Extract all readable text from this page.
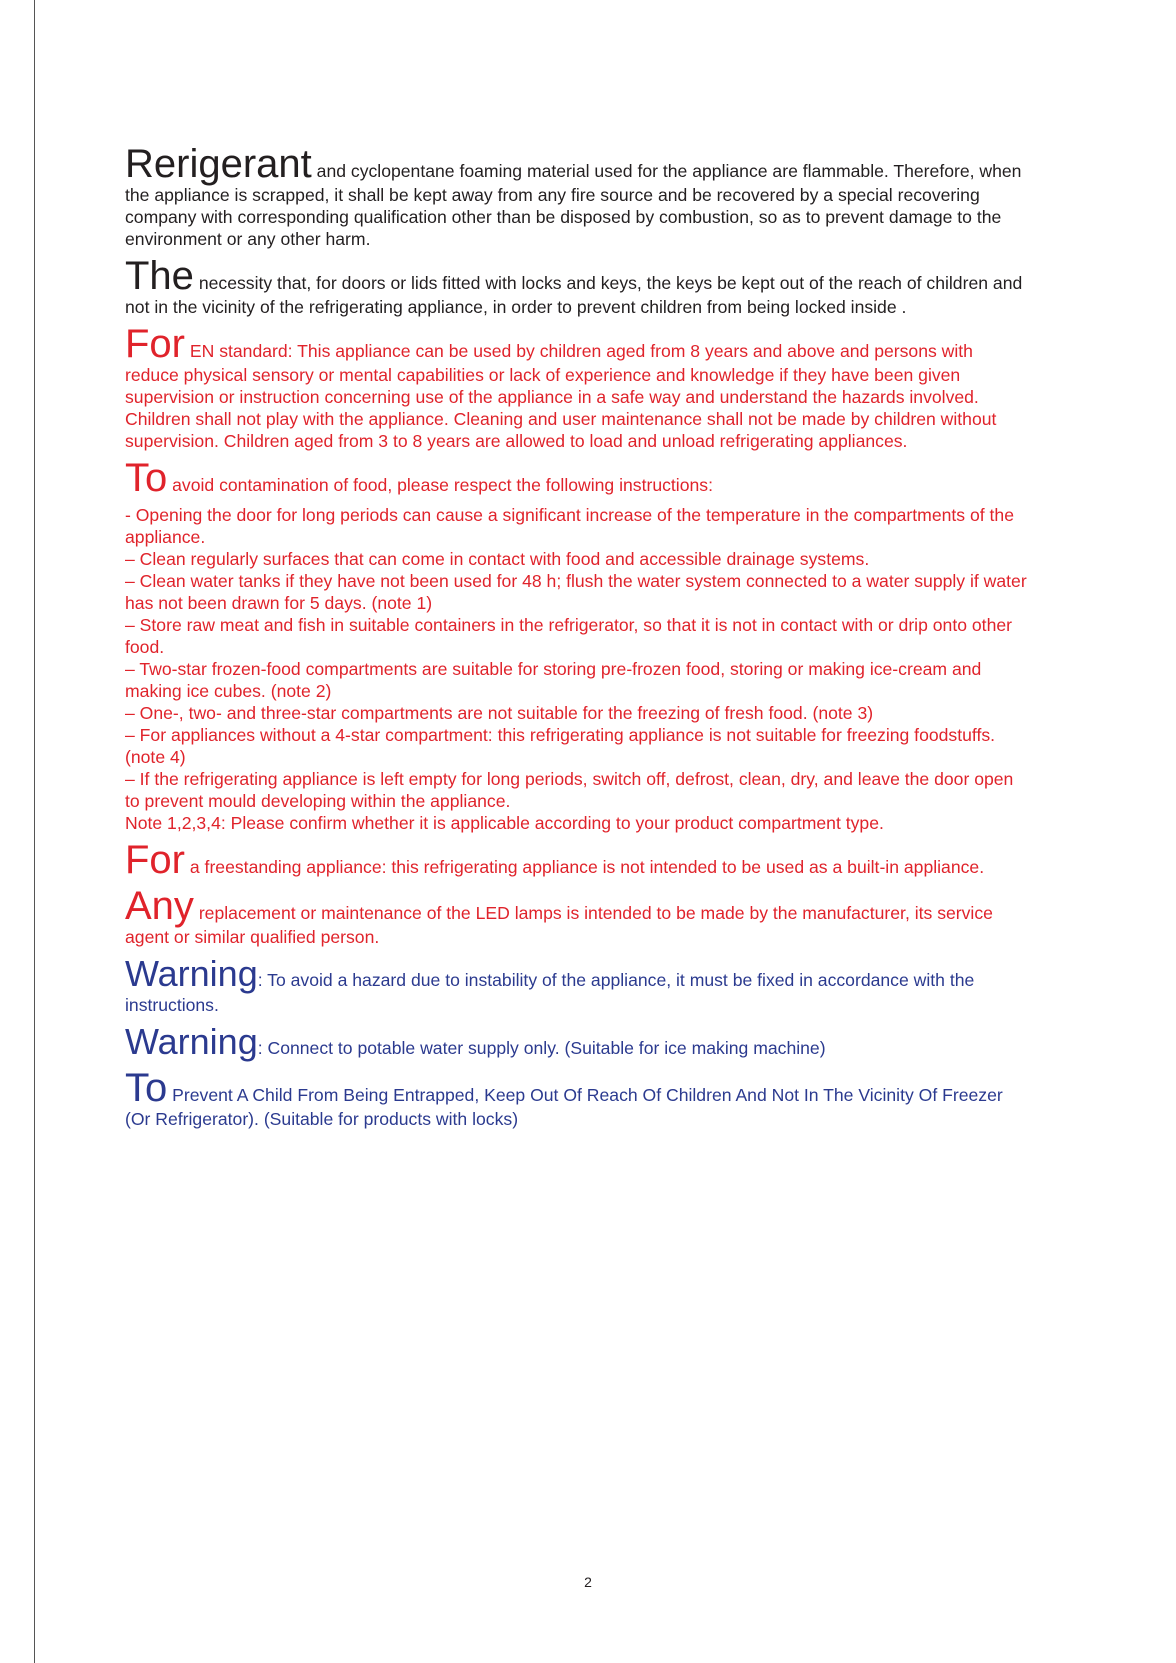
Rerigerant and cyclopentane foaming material used for the appliance are flammable. Therefore, when the appliance is scrapped, it shall be kept away from any fire source and be recovered by a special recovering company with corresponding qualification other than be disposed by combustion, so as to prevent damage to the environment or any other harm.

The necessity that, for doors or lids fitted with locks and keys, the keys be kept out of the reach of children and not in the vicinity of the refrigerating appliance, in order to prevent children from being locked inside .

For EN standard: This appliance can be used by children aged from 8 years and above and persons with reduce physical sensory or mental capabilities or lack of experience and knowledge if they have been given supervision or instruction concerning use of the appliance in a safe way and understand the hazards involved. Children shall not play with the appliance. Cleaning and user maintenance shall not be made by children without supervision. Children aged from 3 to 8 years are allowed to load and unload refrigerating appliances.

To avoid contamination of food, please respect the following instructions:

- Opening the door for long periods can cause a significant increase of the temperature in the compartments of the appliance.

– Clean regularly surfaces that can come in contact with food and accessible drainage systems.

– Clean water tanks if they have not been used for 48 h; flush the water system connected to a water supply if water has not been drawn for 5 days. (note 1)

– Store raw meat and fish in suitable containers in the refrigerator, so that it is not in contact with or drip onto other food.

– Two-star frozen-food compartments are suitable for storing pre-frozen food, storing or making ice-cream and making ice cubes. (note 2)

– One-, two- and three-star compartments are not suitable for the freezing of fresh food. (note 3)

– For appliances without a 4-star compartment: this refrigerating appliance is not suitable for freezing foodstuffs. (note 4)

– If the refrigerating appliance is left empty for long periods, switch off, defrost, clean, dry, and leave the door open to prevent mould developing within the appliance.

Note 1,2,3,4: Please confirm whether it is applicable according to your product compartment type.

For a freestanding appliance: this refrigerating appliance is not intended to be used as a built-in appliance.

Any replacement or maintenance of the LED lamps is intended to be made by the manufacturer, its service agent or similar qualified person.

Warning: To avoid a hazard due to instability of the appliance, it must be fixed in accordance with the instructions.

Warning: Connect to potable water supply only. (Suitable for ice making machine)

To Prevent A Child From Being Entrapped, Keep Out Of Reach Of Children And Not In The Vicinity Of Freezer (Or Refrigerator). (Suitable for products with locks)

2
